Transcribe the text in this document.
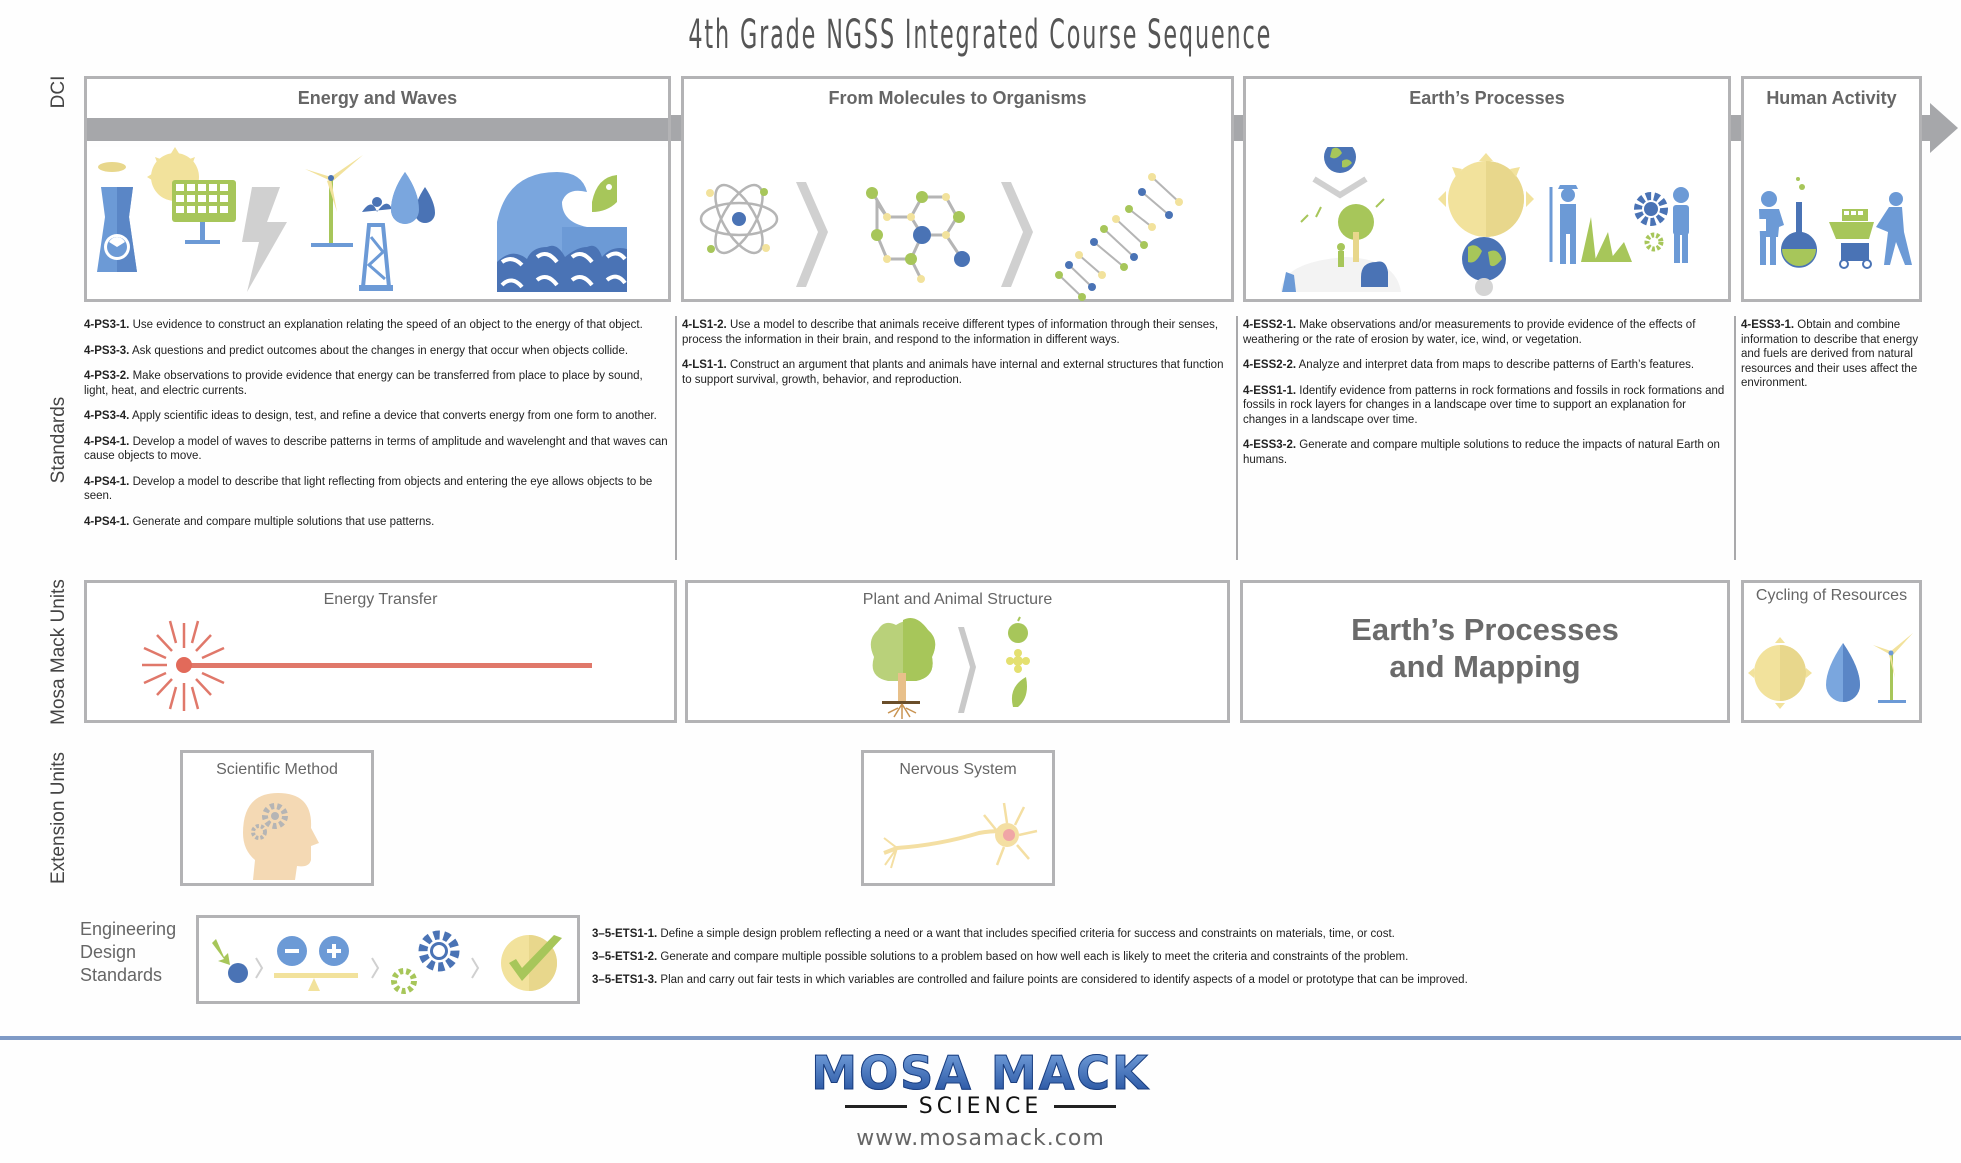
4th Grade NGSS Integrated Course Sequence
DCI
Standards
Mosa Mack Units
Extension Units
Energy and Waves	From Molecules to Organisms	Earth’s Processes	Human Activity

4-PS3-1. Use evidence to construct an explanation relating the speed of an object to the energy of that object.

4-PS3-3. Ask questions and predict outcomes about the changes in energy that occur when objects collide.

4-PS3-2. Make observations to provide evidence that energy can be transferred from place to place by sound, light, heat, and electric currents.

4-PS3-4. Apply scientific ideas to design, test, and refine a device that converts energy from one form to another.

4-PS4-1. Develop a model of waves to describe patterns in terms of amplitude and wavelenght and that waves can cause objects to move.

4-PS4-1. Develop a model to describe that light reflecting from objects and entering the eye allows objects to be seen.

4-PS4-1. Generate and compare multiple solutions that use patterns.

4-LS1-2. Use a model to describe that animals receive different types of information through their senses, process the information in their brain, and respond to the information in different ways.

4-LS1-1. Construct an argument that plants and animals have internal and external structures that function to support survival, growth, behavior, and reproduction.

4-ESS2-1. Make observations and/or measurements to provide evidence of the effects of weathering or the rate of erosion by water, ice, wind, or vegetation.

4-ESS2-2. Analyze and interpret data from maps to describe patterns of Earth’s features.

4-ESS1-1. Identify evidence from patterns in rock formations and fossils in rock formations and fossils in rock layers for changes in a landscape over time to support an explanation for changes in a landscape over time.

4-ESS3-2. Generate and compare multiple solutions to reduce the impacts of natural Earth on humans.

4-ESS3-1. Obtain and combine information to describe that energy and fuels are derived from natural resources and their uses affect the environment.

Energy Transfer	Plant and Animal Structure
Earth’s Processes
and Mapping
Cycling of Resources
Scientific Method	Nervous System
Engineering
Design
Standards

3–5-ETS1-1. Define a simple design problem reflecting a need or a want that includes specified criteria for success and constraints on materials, time, or cost.

3–5-ETS1-2. Generate and compare multiple possible solutions to a problem based on how well each is likely to meet the criteria and constraints of the problem.

3–5-ETS1-3. Plan and carry out fair tests in which variables are controlled and failure points are considered to identify aspects of a model or prototype that can be improved.

MOSA MACK
SCIENCE
www.mosamack.com
